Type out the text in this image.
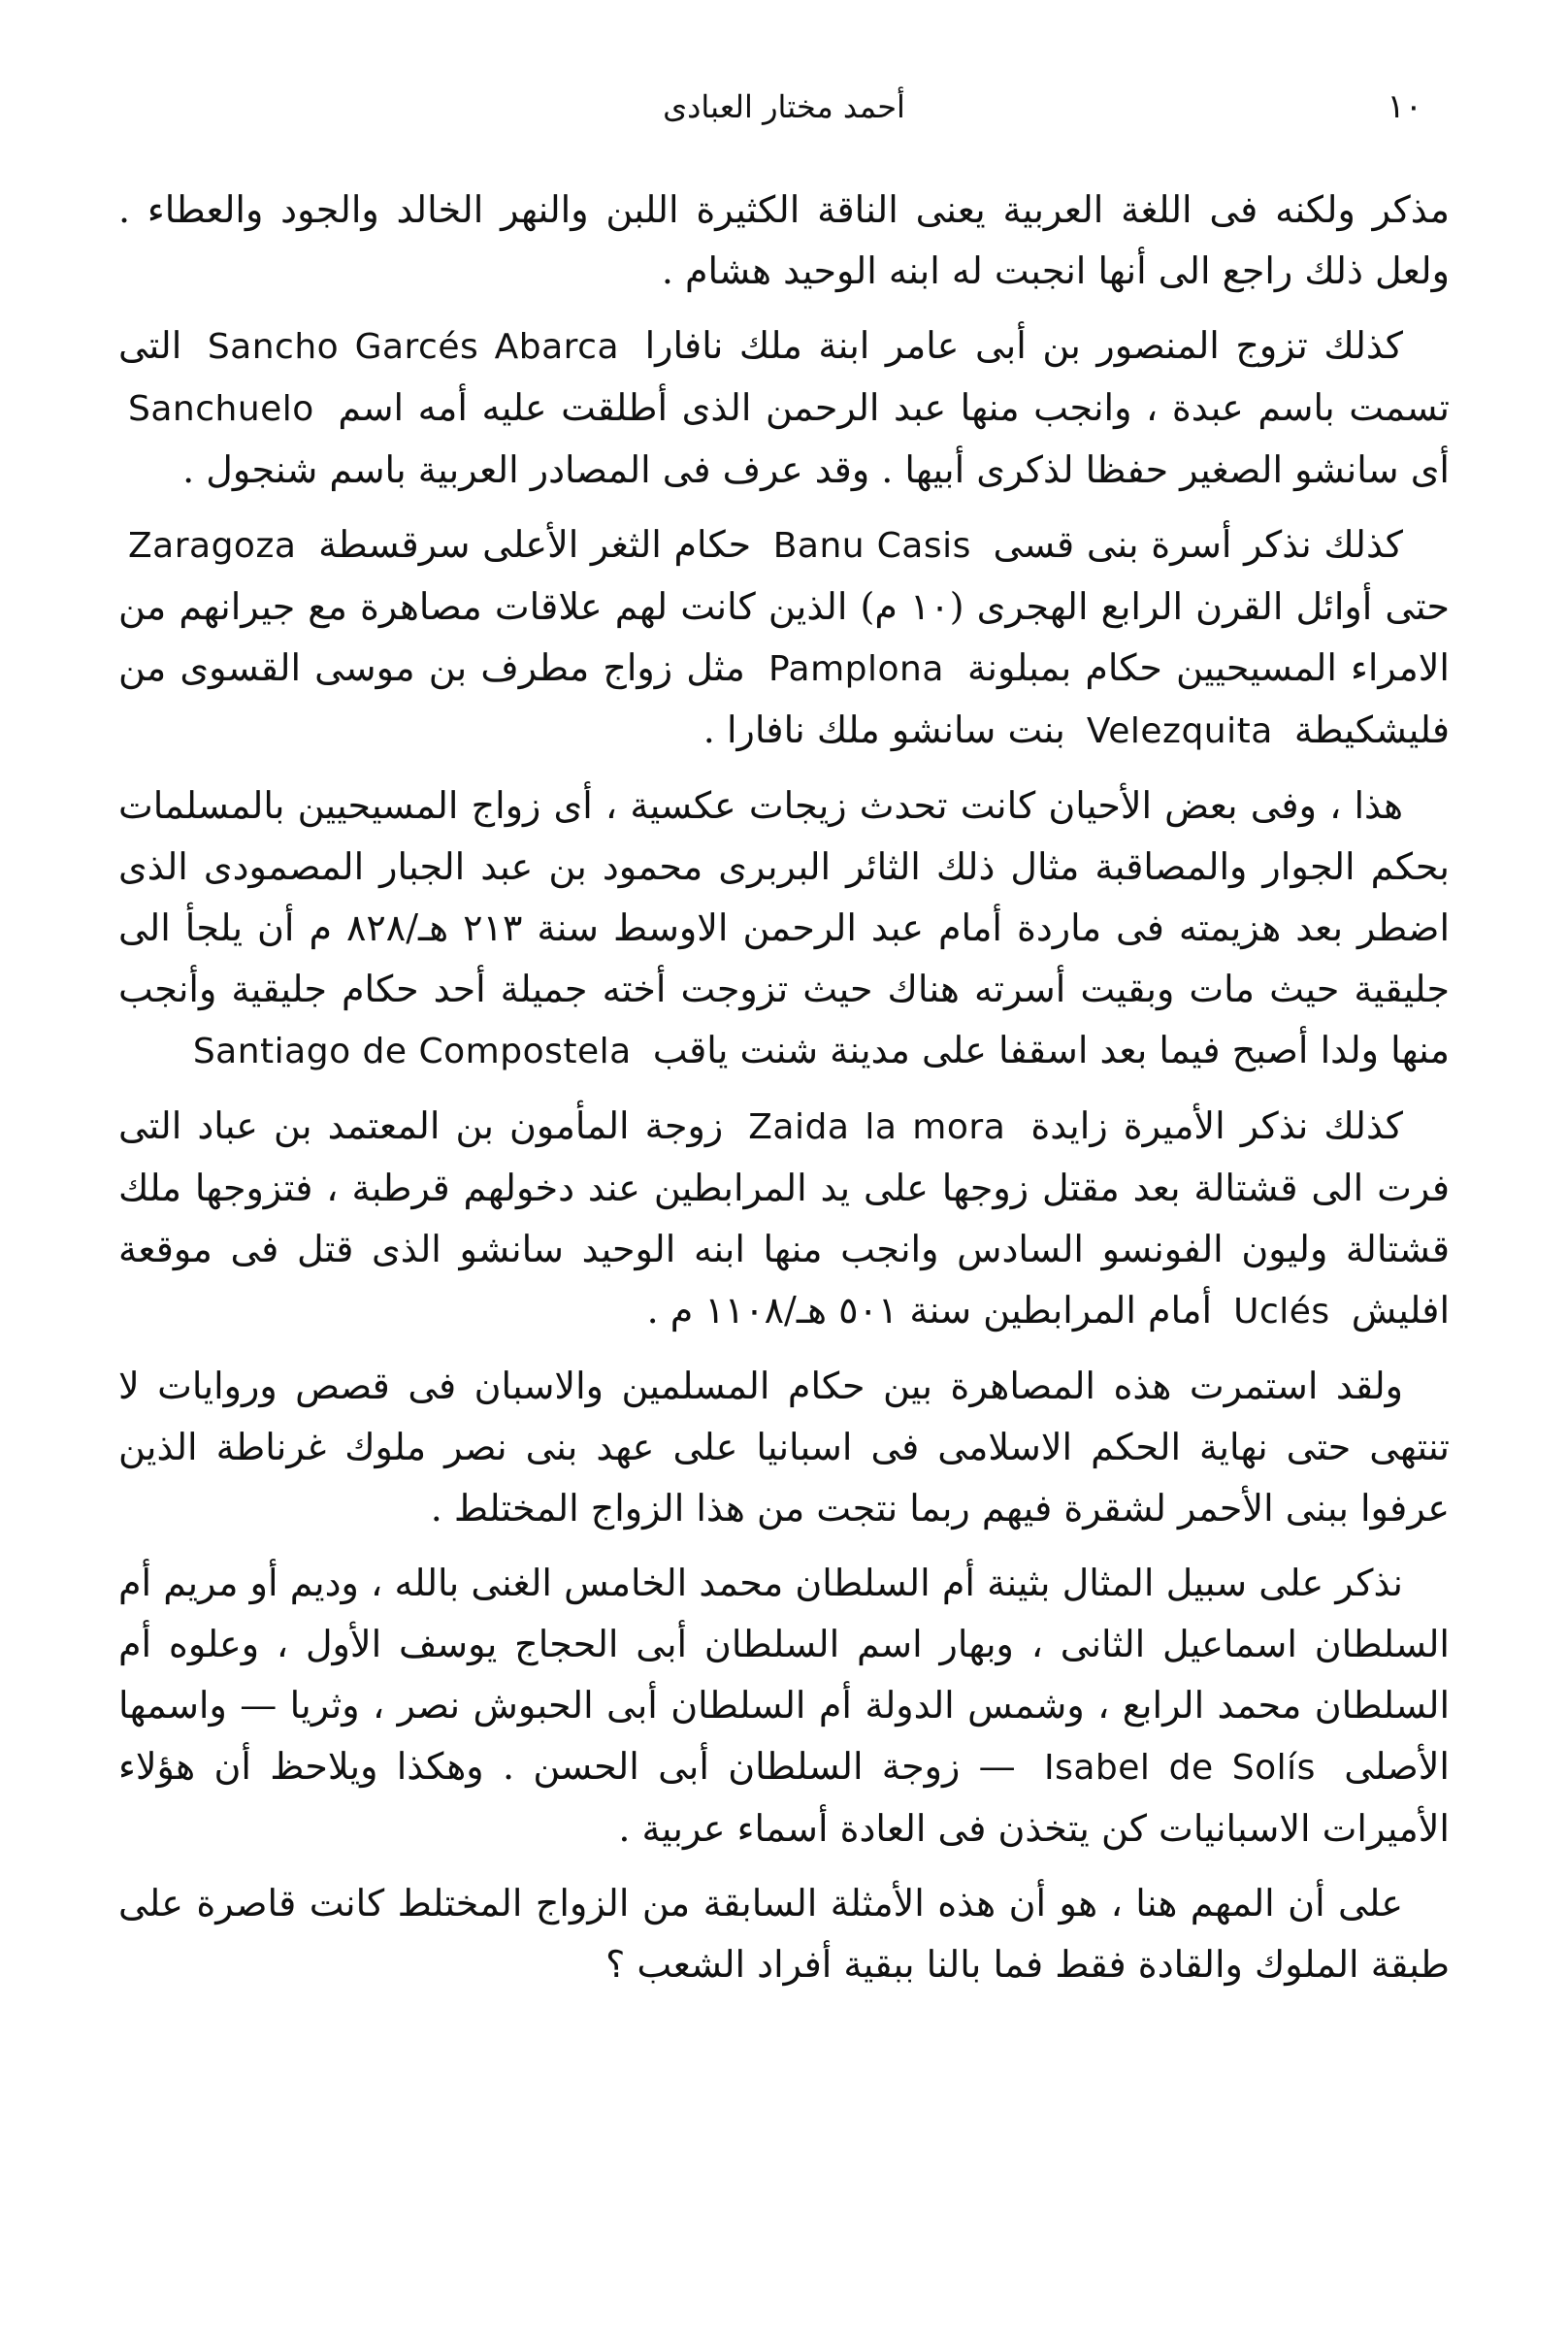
١٠
أحمد مختار العبادى

مذكر ولكنه فى اللغة العربية يعنى الناقة الكثيرة اللبن والنهر الخالد والجود والعطاء . ولعل ذلك راجع الى أنها انجبت له ابنه الوحيد هشام .

كذلك تزوج المنصور بن أبى عامر ابنة ملك نافارا Sancho Garcés Abarca التى تسمت باسم عبدة ، وانجب منها عبد الرحمن الذى أطلقت عليه أمه اسم Sanchuelo أى سانشو الصغير حفظا لذكرى أبيها . وقد عرف فى المصادر العربية باسم شنجول .

كذلك نذكر أسرة بنى قسى Banu Casis حكام الثغر الأعلى سرقسطة Zaragoza حتى أوائل القرن الرابع الهجرى (١٠ م) الذين كانت لهم علاقات مصاهرة مع جيرانهم من الامراء المسيحيين حكام بمبلونة Pamplona مثل زواج مطرف بن موسى القسوى من فليشكيطة Velezquita بنت سانشو ملك نافارا .

هذا ، وفى بعض الأحيان كانت تحدث زيجات عكسية ، أى زواج المسيحيين بالمسلمات بحكم الجوار والمصاقبة مثال ذلك الثائر البربرى محمود بن عبد الجبار المصمودى الذى اضطر بعد هزيمته فى ماردة أمام عبد الرحمن الاوسط سنة ٢١٣ هـ/٨٢٨ م أن يلجأ الى جليقية حيث مات وبقيت أسرته هناك حيث تزوجت أخته جميلة أحد حكام جليقية وأنجب منها ولدا أصبح فيما بعد اسقفا على مدينة شنت ياقب Santiago de Compostela

كذلك نذكر الأميرة زايدة Zaida la mora زوجة المأمون بن المعتمد بن عباد التى فرت الى قشتالة بعد مقتل زوجها على يد المرابطين عند دخولهم قرطبة ، فتزوجها ملك قشتالة وليون الفونسو السادس وانجب منها ابنه الوحيد سانشو الذى قتل فى موقعة افليش Uclés أمام المرابطين سنة ٥٠١ هـ/١١٠٨ م .

ولقد استمرت هذه المصاهرة بين حكام المسلمين والاسبان فى قصص وروايات لا تنتهى حتى نهاية الحكم الاسلامى فى اسبانيا على عهد بنى نصر ملوك غرناطة الذين عرفوا ببنى الأحمر لشقرة فيهم ربما نتجت من هذا الزواج المختلط .

نذكر على سبيل المثال بثينة أم السلطان محمد الخامس الغنى بالله ، وديم أو مريم أم السلطان اسماعيل الثانى ، وبهار اسم السلطان أبى الحجاج يوسف الأول ، وعلوه أم السلطان محمد الرابع ، وشمس الدولة أم السلطان أبى الحبوش نصر ، وثريا — واسمها الأصلى Isabel de Solís — زوجة السلطان أبى الحسن . وهكذا ويلاحظ أن هؤلاء الأميرات الاسبانيات كن يتخذن فى العادة أسماء عربية .

على أن المهم هنا ، هو أن هذه الأمثلة السابقة من الزواج المختلط كانت قاصرة على طبقة الملوك والقادة فقط فما بالنا ببقية أفراد الشعب ؟
